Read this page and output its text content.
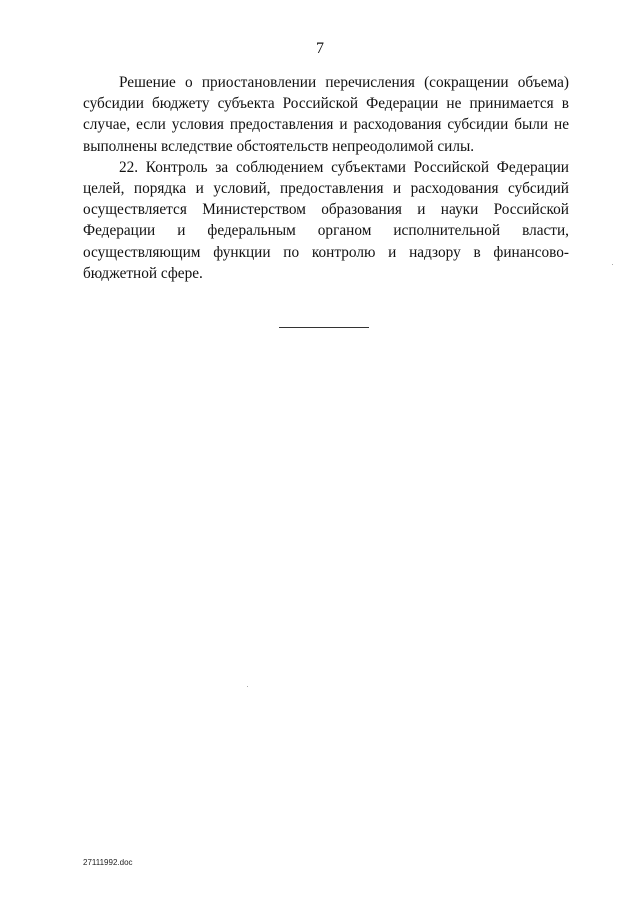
7

Решение о приостановлении перечисления (сокращении объема) субсидии бюджету субъекта Российской Федерации не принимается в случае, если условия предоставления и расходования субсидии были не выполнены вследствие обстоятельств непреодолимой силы.

22. Контроль за соблюдением субъектами Российской Федерации целей, порядка и условий, предоставления и расходования субсидий осуществляется Министерством образования и науки Российской Федерации и федеральным органом исполнительной власти, осуществляющим функции по контролю и надзору в финансово-бюджетной сфере.

27111992.doc
